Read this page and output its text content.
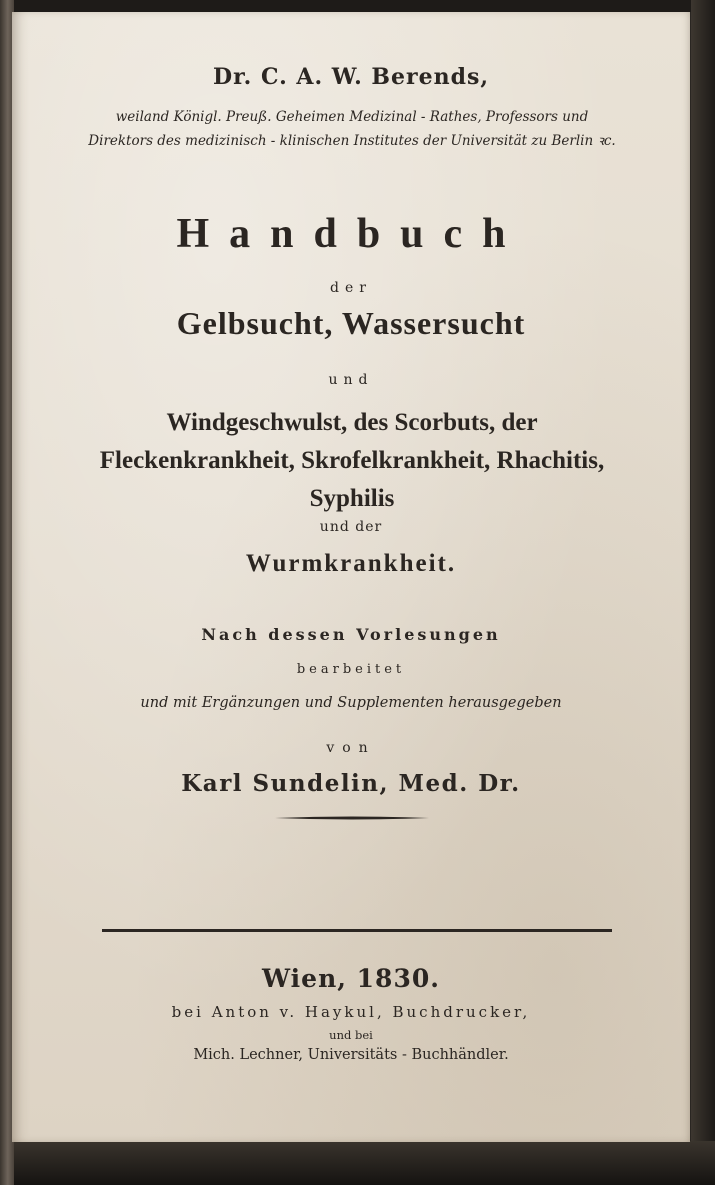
Dr. C. A. W. Berends,
weiland Königl. Preuß. Geheimen Medizinal - Rathes, Professors und Direktors des medizinisch - klinischen Institutes der Universität zu Berlin ꝛc.
Handbuch
der
Gelbsucht, Wassersucht
und
Windgeschwulst, des Scorbuts, der Fleckenkrankheit, Skrofelkrankheit, Rhachitis, Syphilis
und der
Wurmkrankheit.
Nach dessen Vorlesungen
bearbeitet
und mit Ergänzungen und Supplementen herausgegeben
von
Karl Sundelin, Med. Dr.
Wien, 1830.
bei Anton v. Haykul, Buchdrucker,
und bei
Mich. Lechner, Universitäts - Buchhändler.
